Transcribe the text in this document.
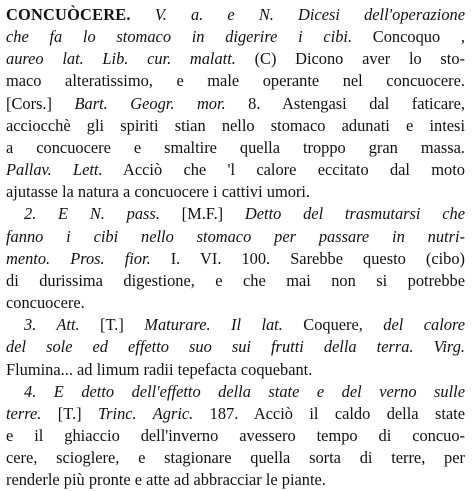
CONCUÒCERE. V. a. e N. Dicesi dell'operazione
che fa lo stomaco in digerire i cibi. Concoquo ,
aureo lat. Lib. cur. malatt. (C) Dicono aver lo sto-
maco alteratissimo, e male operante nel concuocere.
[Cors.] Bart. Geogr. mor. 8. Astengasi dal faticare,
acciocchè gli spiriti stian nello stomaco adunati e intesi
a concuocere e smaltire quella troppo gran massa.
Pallav. Lett. Acciò che 'l calore eccitato dal moto
ajutasse la natura a concuocere i cattivi umori.
2. E N. pass. [M.F.] Detto del trasmutarsi che
fanno i cibi nello stomaco per passare in nutri-
mento. Pros. fior. I. VI. 100. Sarebbe questo (cibo)
di durissima digestione, e che mai non si potrebbe
concuocere.
3. Att. [T.] Maturare. Il lat. Coquere, del calore
del sole ed effetto suo sui frutti della terra. Virg.
Flumina... ad limum radii tepefacta coquebant.
4. E detto dell'effetto della state e del verno sulle
terre. [T.] Trinc. Agric. 187. Acciò il caldo della state
e il ghiaccio dell'inverno avessero tempo di concuo-
cere, scioglere, e stagionare quella sorta di terre, per
renderle più pronte e atte ad abbracciar le piante.
